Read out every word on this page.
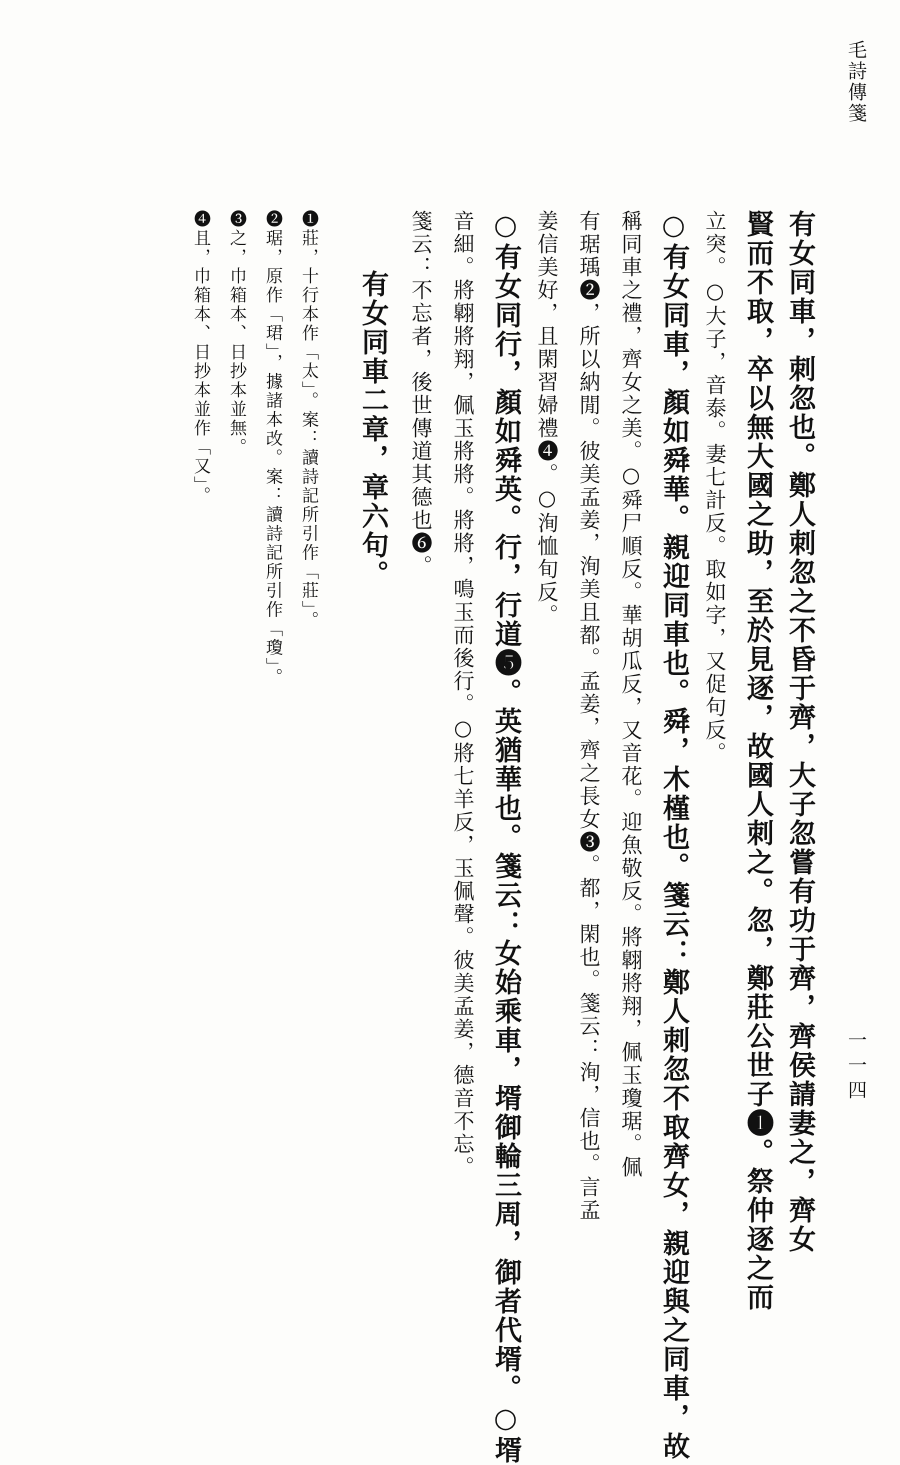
毛詩傳箋
一一四
有女同車，刺忽也。鄭人刺忽之不昏于齊，大子忽嘗有功于齊，齊侯請妻之，齊女
賢而不取，卒以無大國之助，至於見逐，故國人刺之。忽，鄭莊公世子❶。祭仲逐之而
立突。○大子，音泰。妻七計反。取如字，又促句反。
○有女同車，顏如舜華。親迎同車也。舜，木槿也。箋云：鄭人刺忽不取齊女，親迎與之同車，故
稱同車之禮，齊女之美。○舜尸順反。華胡瓜反，又音花。迎魚敬反。將翺將翔，佩玉瓊琚。佩
有琚瑀❷，所以納閒。彼美孟姜，洵美且都。孟姜，齊之長女❸。都，閑也。箋云：洵，信也。言孟
姜信美好，且閑習婦禮❹。○洵恤旬反。
○有女同行，顏如舜英。行，行道❺。英猶華也。箋云：女始乘車，壻御輪三周，御者代壻。○壻
音細。將翺將翔，佩玉將將。將將，鳴玉而後行。○將七羊反，玉佩聲。彼美孟姜，德音不忘。
箋云：不忘者，後世傳道其德也❻。
有女同車二章，章六句。
❶莊，十行本作「太」。案：讀詩記所引作「莊」。
❷琚，原作「珺」，據諸本改。案：讀詩記所引作「瓊」。
❸之，巾箱本、日抄本並無。
❹且，巾箱本、日抄本並作「又」。
